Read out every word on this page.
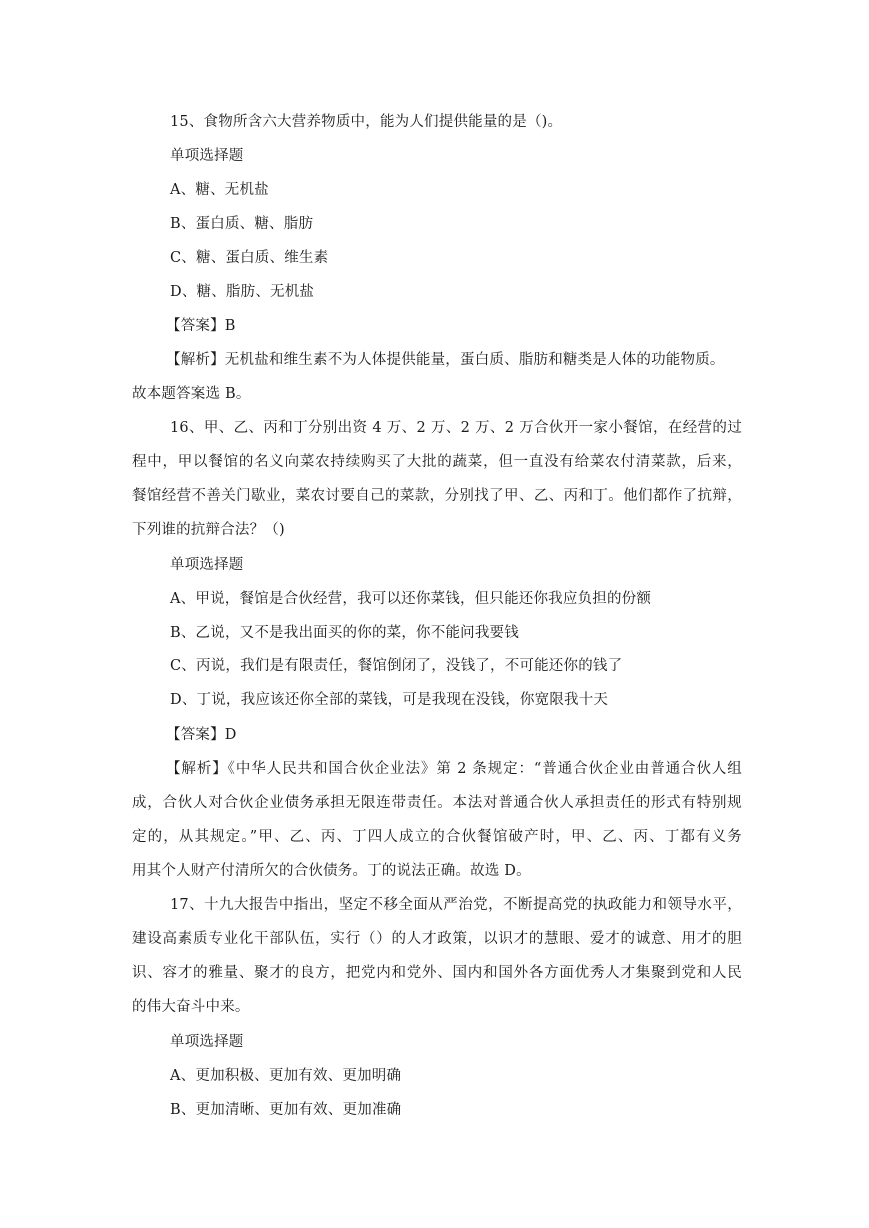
15、食物所含六大营养物质中，能为人们提供能量的是（)。
单项选择题
A、糖、无机盐
B、蛋白质、糖、脂肪
C、糖、蛋白质、维生素
D、糖、脂肪、无机盐
【答案】B
【解析】无机盐和维生素不为人体提供能量，蛋白质、脂肪和糖类是人体的功能物质。
故本题答案选 B。
16、甲、乙、丙和丁分别出资 4 万、2 万、2 万、2 万合伙开一家小餐馆，在经营的过
程中，甲以餐馆的名义向菜农持续购买了大批的蔬菜，但一直没有给菜农付清菜款，后来，
餐馆经营不善关门歇业，菜农讨要自己的菜款，分别找了甲、乙、丙和丁。他们都作了抗辩，
下列谁的抗辩合法？（)
单项选择题
A、甲说，餐馆是合伙经营，我可以还你菜钱，但只能还你我应负担的份额
B、乙说，又不是我出面买的你的菜，你不能问我要钱
C、丙说，我们是有限责任，餐馆倒闭了，没钱了，不可能还你的钱了
D、丁说，我应该还你全部的菜钱，可是我现在没钱，你宽限我十天
【答案】D
【解析】《中华人民共和国合伙企业法》第 2 条规定：“普通合伙企业由普通合伙人组
成，合伙人对合伙企业债务承担无限连带责任。本法对普通合伙人承担责任的形式有特别规
定的，从其规定。”甲、乙、丙、丁四人成立的合伙餐馆破产时，甲、乙、丙、丁都有义务
用其个人财产付清所欠的合伙债务。丁的说法正确。故选 D。
17、十九大报告中指出，坚定不移全面从严治党，不断提高党的执政能力和领导水平，
建设高素质专业化干部队伍，实行（）的人才政策，以识才的慧眼、爱才的诚意、用才的胆
识、容才的雅量、聚才的良方，把党内和党外、国内和国外各方面优秀人才集聚到党和人民
的伟大奋斗中来。
单项选择题
A、更加积极、更加有效、更加明确
B、更加清晰、更加有效、更加准确
